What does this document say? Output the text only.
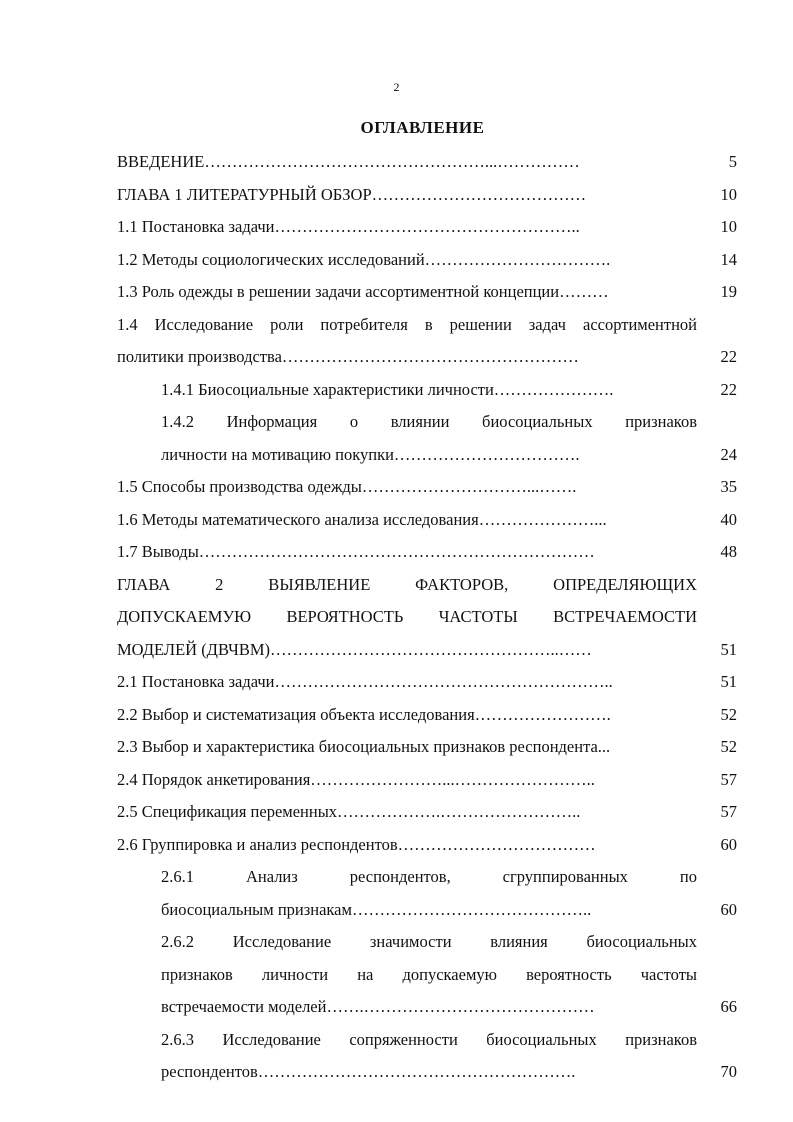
2
ОГЛАВЛЕНИЕ
ВВЕДЕНИЕ……………………………………………...……………	5
ГЛАВА 1 ЛИТЕРАТУРНЫЙ ОБЗОР…………………………………	10
1.1 Постановка задачи………………………………………………..	10
1.2 Методы социологических исследований…………………………….	14
1.3 Роль одежды в решении задачи ассортиментной концепции………	19
1.4 Исследование роли потребителя в решении задач ассортиментной
политики производства………………………………………………	22
1.4.1 Биосоциальные характеристики личности………………….	22
1.4.2 Информация о влиянии биосоциальных признаков
личности на мотивацию покупки…………………………….	24
1.5 Способы производства одежды…………………………...…….	35
1.6 Методы математического анализа исследования…………………...	40
1.7 Выводы………………………………………………………………	48
ГЛАВА 2 ВЫЯВЛЕНИЕ ФАКТОРОВ, ОПРЕДЕЛЯЮЩИХ
ДОПУСКАЕМУЮ ВЕРОЯТНОСТЬ ЧАСТОТЫ ВСТРЕЧАЕМОСТИ
МОДЕЛЕЙ (ДВЧВМ)……………………………………………..……	51
2.1 Постановка задачи……………………………………………………..	51
2.2 Выбор и систематизация объекта исследования…………………….	52
2.3 Выбор и характеристика биосоциальных признаков респондента...	52
2.4 Порядок анкетирования……………………...……………………..	57
2.5 Спецификация переменных……………….……………………..	57
2.6 Группировка и анализ респондентов………………………………	60
2.6.1 Анализ респондентов, сгруппированных по
биосоциальным признакам……………………………………..	60
2.6.2 Исследование значимости влияния биосоциальных
признаков личности на допускаемую вероятность частоты
встречаемости моделей…….……………………………………	66
2.6.3 Исследование сопряженности биосоциальных признаков
респондентов………………………………………………….	70
